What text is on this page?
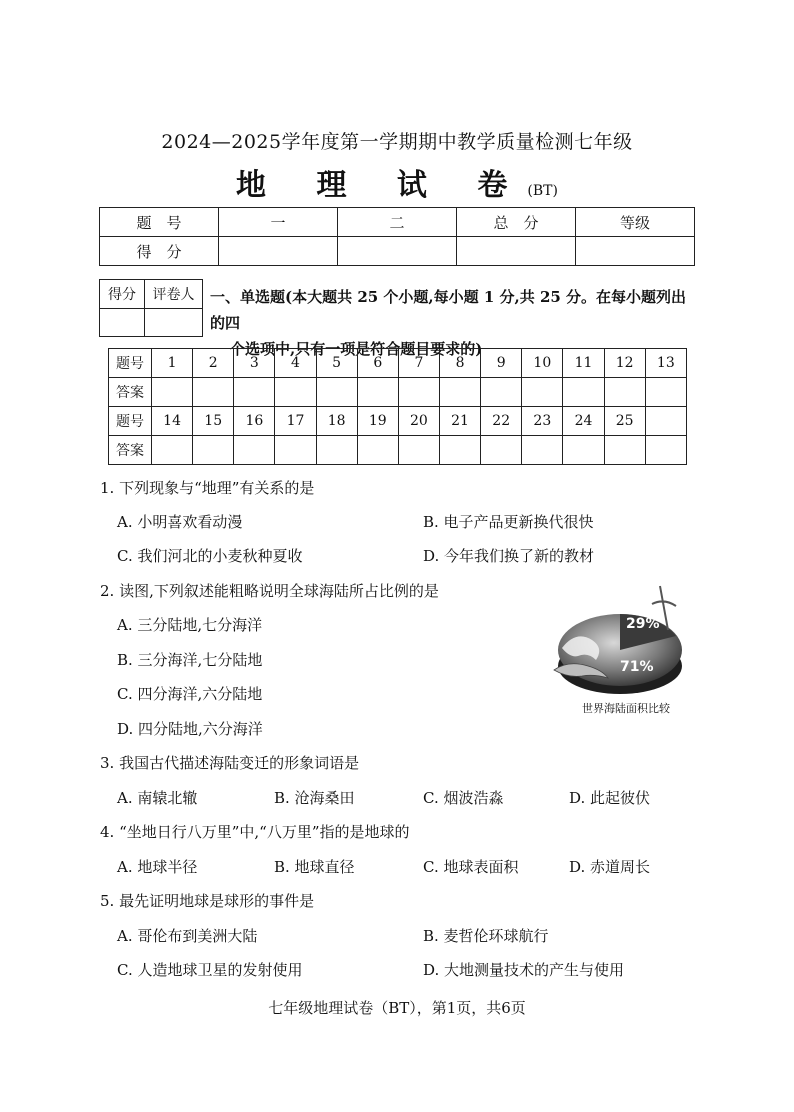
2024—2025学年度第一学期期中教学质量检测七年级
地 理 试 卷(BT)
题　号	一	二	总　分	等级
得　分				
得分	评卷人
	一、单选题(本大题共 25 个小题,每小题 1 分,共 25 分。在每小题列出的四
个选项中,只有一项是符合题目要求的)
题号	1	2	3	4	5	6	7	8	9	10	11	12	13
答案													
题号	14	15	16	17	18	19	20	21	22	23	24	25	
答案													
1. 下列现象与“地理”有关系的是
A. 小明喜欢看动漫	B. 电子产品更新换代很快
C. 我们河北的小麦秋种夏收	D. 今年我们换了新的教材
2. 读图,下列叙述能粗略说明全球海陆所占比例的是
A. 三分陆地,七分海洋
B. 三分海洋,七分陆地
C. 四分海洋,六分陆地
D. 四分陆地,六分海洋
29%
71%
世界海陆面积比较
3. 我国古代描述海陆变迁的形象词语是
A. 南辕北辙	B. 沧海桑田	C. 烟波浩淼	D. 此起彼伏
4. “坐地日行八万里”中,“八万里”指的是地球的
A. 地球半径	B. 地球直径	C. 地球表面积	D. 赤道周长
5. 最先证明地球是球形的事件是
A. 哥伦布到美洲大陆	B. 麦哲伦环球航行
C. 人造地球卫星的发射使用	D. 大地测量技术的产生与使用
七年级地理试卷（BT），第1页，共6页
